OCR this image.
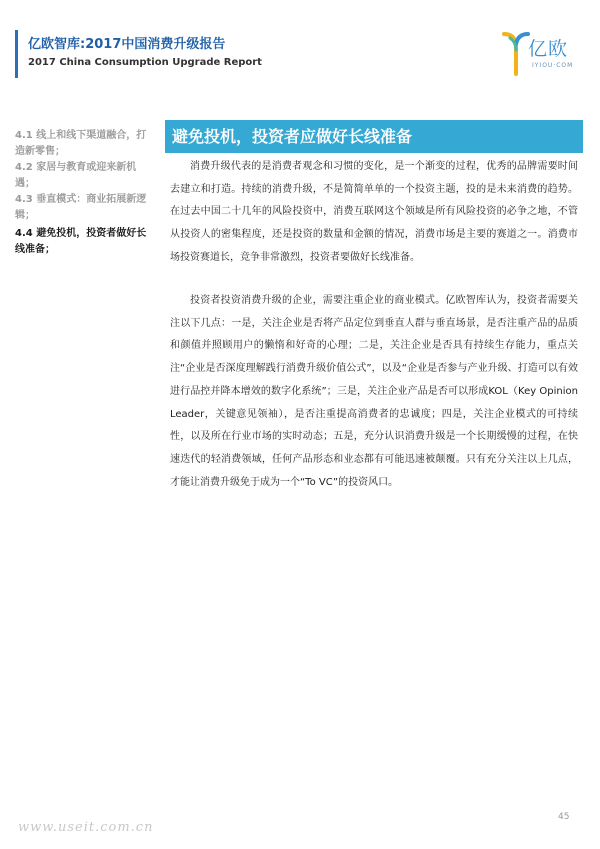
亿欧智库:2017中国消费升级报告
2017 China Consumption Upgrade Report
亿欧
IYIOU·COM
4.1 线上和线下渠道融合，打造新零售；
4.2 家居与教育或迎来新机遇；
4.3 垂直模式：商业拓展新逻辑；
4.4 避免投机，投资者做好长线准备；
避免投机，投资者应做好长线准备
消费升级代表的是消费者观念和习惯的变化，是一个渐变的过程，优秀的品牌需要时间去建立和打造。持续的消费升级，不是简简单单的一个投资主题，投的是未来消费的趋势。在过去中国二十几年的风险投资中，消费互联网这个领域是所有风险投资的必争之地，不管从投资人的密集程度，还是投资的数量和金额的情况，消费市场是主要的赛道之一。消费市场投资赛道长，竞争非常激烈，投资者要做好长线准备。
投资者投资消费升级的企业，需要注重企业的商业模式。亿欧智库认为，投资者需要关注以下几点：一是，关注企业是否将产品定位到垂直人群与垂直场景，是否注重产品的品质和颜值并照顾用户的懒惰和好奇的心理；二是，关注企业是否具有持续生存能力，重点关注“企业是否深度理解践行消费升级价值公式”，以及“企业是否参与产业升级、打造可以有效进行品控并降本增效的数字化系统”；三是，关注企业产品是否可以形成KOL（Key Opinion Leader，关键意见领袖），是否注重提高消费者的忠诚度；四是，关注企业模式的可持续性，以及所在行业市场的实时动态；五是，充分认识消费升级是一个长期缓慢的过程，在快速迭代的轻消费领域，任何产品形态和业态都有可能迅速被颠覆。只有充分关注以上几点，才能让消费升级免于成为一个“To VC”的投资风口。
45
www.useit.com.cn
